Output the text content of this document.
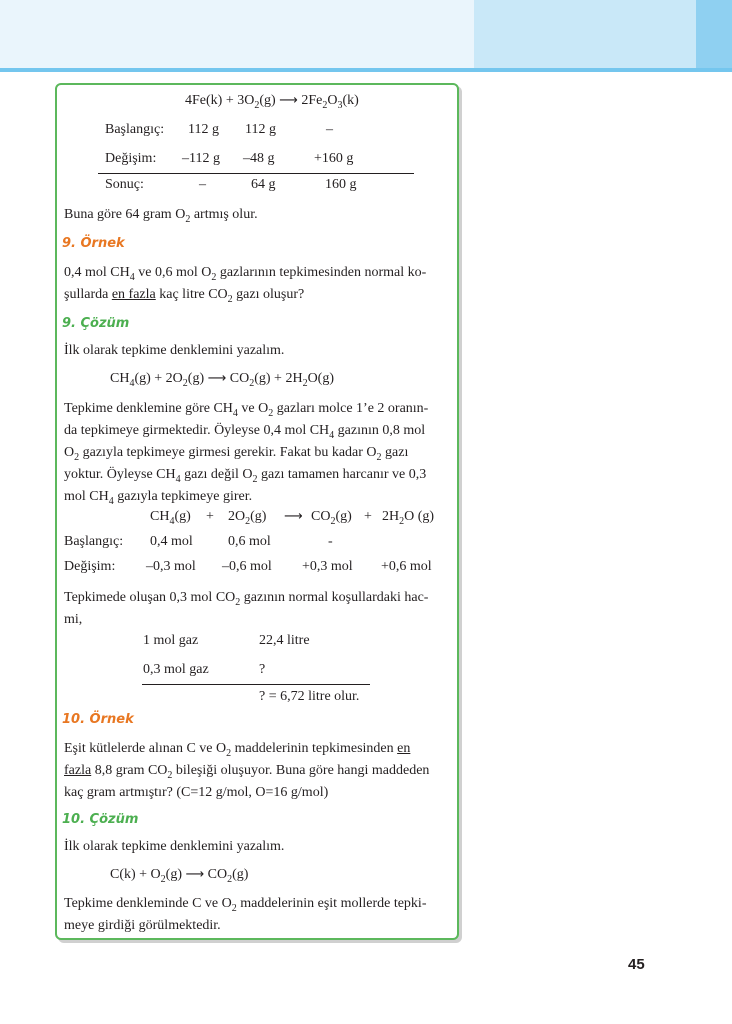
$4Fe(k) + 3O_2(g)$ ⟶ $2Fe_2O_3(k)$
Başlangıç: 112 g 112 g	–
Değişim: –112 g –48 g	+160 g
Sonuç:	–	64 g	160 g
Buna göre 64 gram $O_2$ artmış olur.
9. Örnek
0,4 mol $CH_4$ ve 0,6 mol $O_2$ gazlarının tepkimesinden normal ko-
şullarda en fazla kaç litre $CO_2$ gazı oluşur?
9. Çözüm
İlk olarak tepkime denklemini yazalım.
$CH_4(g) + 2O_2(g)$ ⟶ $CO_2(g) + 2H_2O(g)$
Tepkime denklemine göre $CH_4$ ve $O_2$ gazları molce 1’e 2 oranın-
da tepkimeye girmektedir. Öyleyse 0,4 mol $CH_4$ gazının 0,8 mol
$O_2$ gazıyla tepkimeye girmesi gerekir. Fakat bu kadar $O_2$ gazı
yoktur. Öyleyse $CH_4$ gazı değil $O_2$ gazı tamamen harcanır ve 0,3
mol $CH_4$ gazıyla tepkimeye girer.
$CH_4(g) + 2O_2(g)$ ⟶ $CO_2(g) + 2H_2O$ (g)
Başlangıç: 0,4 mol	0,6 mol	-
Değişim: –0,3 mol –0,6 mol +0,3 mol +0,6 mol
Tepkimede oluşan 0,3 mol $CO_2$ gazının normal koşullardaki hac-
mi,
1 mol gaz	22,4 litre
0,3 mol gaz	?
? = 6,72 litre olur.
10. Örnek
Eşit kütlelerde alınan C ve $O_2$ maddelerinin tepkimesinden en
fazla 8,8 gram $CO_2$ bileşiği oluşuyor. Buna göre hangi maddeden
kaç gram artmıştır? (C=12 g/mol, O=16 g/mol)
10. Çözüm
İlk olarak tepkime denklemini yazalım.
$C(k) + O_2(g)$ ⟶ $CO_2(g)$
Tepkime denkleminde C ve $O_2$ maddelerinin eşit mollerde tepki-
meye girdiği görülmektedir.
45
